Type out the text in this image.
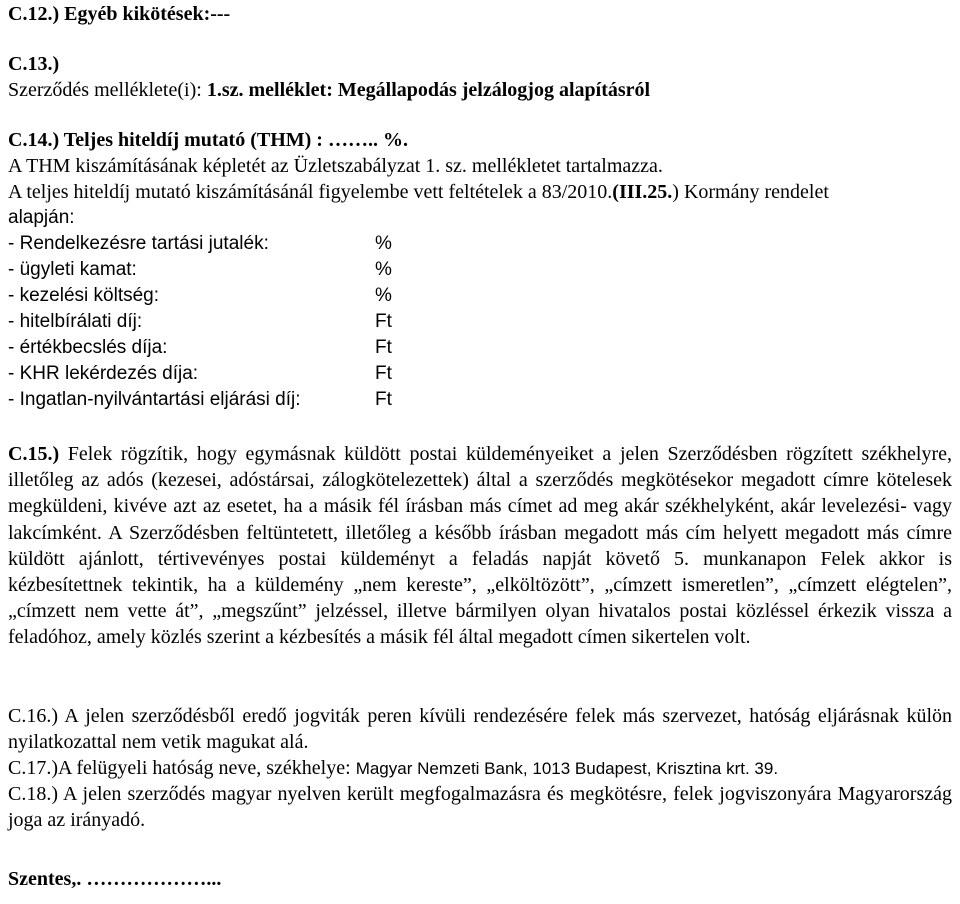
C.12.) Egyéb kikötések:---
C.13.)
Szerződés melléklete(i): 1.sz. melléklet: Megállapodás jelzálogjog alapításról
C.14.) Teljes hiteldíj mutató (THM) : …….. %.
A THM kiszámításának képletét az Üzletszabályzat 1. sz. mellékletet tartalmazza.
A teljes hiteldíj mutató kiszámításánál figyelembe vett feltételek a 83/2010.(III.25.) Kormány rendelet
alapján:
- Rendelkezésre tartási jutalék:	%
- ügyleti kamat:	%
- kezelési költség:	%
- hitelbírálati díj:	Ft
- értékbecslés díja:	Ft
- KHR lekérdezés díja:	Ft
- Ingatlan-nyilvántartási eljárási díj:	Ft

C.15.) Felek rögzítik, hogy egymásnak küldött postai küldeményeiket a jelen Szerződésben rögzített székhelyre, illetőleg az adós (kezesei, adóstársai, zálogkötelezettek) által a szerződés megkötésekor megadott címre kötelesek megküldeni, kivéve azt az esetet, ha a másik fél írásban más címet ad meg akár székhelyként, akár levelezési- vagy lakcímként. A Szerződésben feltüntetett, illetőleg a később írásban megadott más cím helyett megadott más címre küldött ajánlott, tértivevényes postai küldeményt a feladás napját követő 5. munkanapon Felek akkor is kézbesítettnek tekintik, ha a küldemény „nem kereste”, „elköltözött”, „címzett ismeretlen”, „címzett elégtelen”, „címzett nem vette át”, „megszűnt” jelzéssel, illetve bármilyen olyan hivatalos postai közléssel érkezik vissza a feladóhoz, amely közlés szerint a kézbesítés a másik fél által megadott címen sikertelen volt.

C.16.) A jelen szerződésből eredő jogviták peren kívüli rendezésére felek más szervezet, hatóság eljárásnak külön nyilatkozattal nem vetik magukat alá.

C.17.)A felügyeli hatóság neve, székhelye: Magyar Nemzeti Bank, 1013 Budapest, Krisztina krt. 39.

C.18.) A jelen szerződés magyar nyelven került megfogalmazásra és megkötésre, felek jogviszonyára Magyarország joga az irányadó.

Szentes,. ………………...
